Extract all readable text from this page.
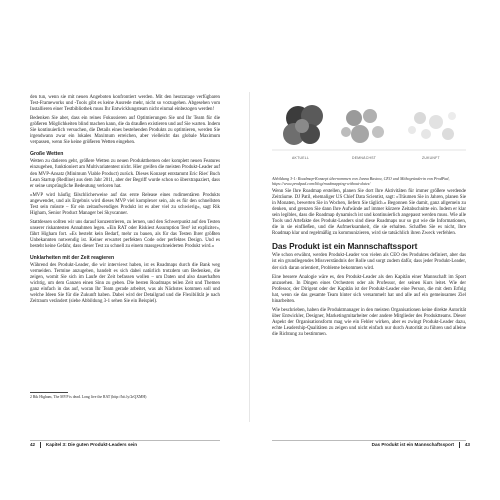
den tun, wenn sie mit neuen Angeboten konfrontiert werden. Mit den heutzutage verfügbaren Test-Frameworks und -Tools gibt es keine Ausrede mehr, nicht so vorzugehen. Abgesehen vom Installieren einer Testbibliothek muss Ihr Entwicklungsteam nicht einmal einbezogen werden!

Bedenken Sie aber, dass ein reines Fokussieren auf Optimierungen Sie und Ihr Team für die größeren Möglichkeiten blind machen kann, die da draußen existieren und auf Sie warten. Indem Sie kontinuierlich versuchen, die Details eines bestehenden Produkts zu optimieren, werden Sie irgendwann zwar ein lokales Maximum erreichen, aber vielleicht das globale Maximum verpassen, wenn Sie keine größeren Wetten eingehen.

Große Wetten

Wetten zu datieren geht, größere Wetten zu neuen Produktthemen oder komplett neuen Features einzugehen, funktioniert am Multivariatentest nicht. Hier greifen die meisten Produkt-Leader auf den MVP-Ansatz (Minimum Viable Product) zurück. Dieses Konzept entstammt Eric Ries' Buch Lean Startup (Redline) aus dem Jahr 2011, aber der Begriff wurde schon so überstrapaziert, dass er seine ursprüngliche Bedeutung verloren hat.

»MVP wird häufig fälschlicherweise auf das erste Release eines rudimentären Produkts angewendet, und als Ergebnis wird dieses MVP viel komplexer sein, als es für den schnellsten Test sein müsste – für ein zeitaufwendiges Produkt ist es aber viel zu schwierig«, sagt Rik Higham, Senior Product Manager bei Skyscanner.

Stattdessen sollten wir uns darauf konzentrieren, zu lernen, und den Schwerpunkt auf den Testen unserer riskantesten Annahmen legen. »Ein RAT oder Riskiest Assumption Test² ist expliziter«, fährt Higham fort. »Es besteht kein Bedarf, mehr zu bauen, als für das Testen Ihrer größten Unbekannten notwendig ist. Keiner erwartet perfekten Code oder perfektes Design. Und es besteht keine Gefahr, dass dieser Test zu schnell zu einem massgeschneiderten Produkt wird.«

Unklarheiten mit der Zeit reagieren

Während des Produkt-Leader, die wir interviewt haben, ist es Roadmaps durch die Bank weg vermeiden. Termine anzugeben, handelt es sich dabei natürlich trotzdem um Bedenken, die zeigen, womit Sie sich im Laufe der Zeit befassen wollen – um Daten und also dauerhaften wichtig, um dem Ganzen einen Sinn zu geben. Die besten Roadmaps teilen Zeit und Themen ganz einfach in das auf, woran Ihr Team gerade arbeitet, was als Nächstes kommen soll und welche Ideen Sie für die Zukunft haben. Dabei wird der Detailgrad und die Flexibilität je nach Zeitraum verändert (siehe Abbildung 3-1 sehen Sie ein Beispiel).

2 Rik Higham, The MVP is dead. Long live the RAT (http://bit.ly/2rQXMH)
42 Kapitel 3: Die guten Produkt-Leaders sein
AKTUELL	DEMNÄCHST	ZUKUNFT
Abbildung 3-1: Roadmap-Konzept übernommen von Janna Bastow, CEO und Mitbegründerin von ProdPad, https://www.prodpad.com/blog/roadmapping-without-dates/

Wenn Sie Ihre Roadmap erstellen, planen Sie dort Ihre Aktivitäten für immer größere werdende Zeiträume. DJ Patil, ehemaliger US Chief Data Scientist, sagt: »Träumen Sie in Jahren, planen Sie in Monaten, bewerten Sie in Wochen, liefern Sie täglich.« Begonnen Sie damit, ganz allgemein zu denken, und grenzen Sie dann Ihre Aufwände auf immer kürzere Zeitabschnitte ein. Indem er klar sein legibles, dass die Roadmap dynamisch ist und kontinuierlich angepasst werden muss. Wie alle Tools und Artefakte des Produkt-Leaders sind diese Roadmaps nur so gut wie die Informationen, die in sie einfließen, und die Aufmerksamkeit, die sie erhalten. Schaffen Sie es nicht, Ihre Roadmap klar und regelmäßig zu kommunizieren, wird sie tatsächlich ihren Zweck verfehlen.

Das Produkt ist ein Mannschaftssport

Wie schon erwähnt, werden Produkt-Leader von vielen als CEO des Produktes definiert, aber das ist ein grundlegendes Missverständnis der Rolle und sorgt zudem dafür, dass jeder Produkt-Leader, der sich daran orientiert, Probleme bekommen wird.

Eine bessere Analogie wäre es, den Produkt-Leader als den Kapitän einer Mannschaft im Sport anzusehen. In Dingen eines Orchesters oder als Professor, der seinen Kurs leitet. Wie der Professor, der Dirigent oder der Kapitän ist der Produkt-Leader eine Person, die mit dem Erfolg hat, wenn sie das gesamte Team hinter sich versammelt hat und alle auf ein gemeinsames Ziel hinarbeiten.

Wie beschrieben, haben die Produktmanager in den meisten Organisationen keine direkte Autorität über Entwickler, Designer, Marketingmitarbeiter oder andere Mitglieder des Produktteams. Dieser Aspekt der Organisationsform mag wie ein Fehler wirken, aber es zwingt Produkt-Leader dazu, echte Leadership-Qualitäten zu zeigen und nicht einfach nur durch Autorität zu führen und alleine die Richtung zu bestimmen.

Das Produkt ist ein Mannschaftssport 43
